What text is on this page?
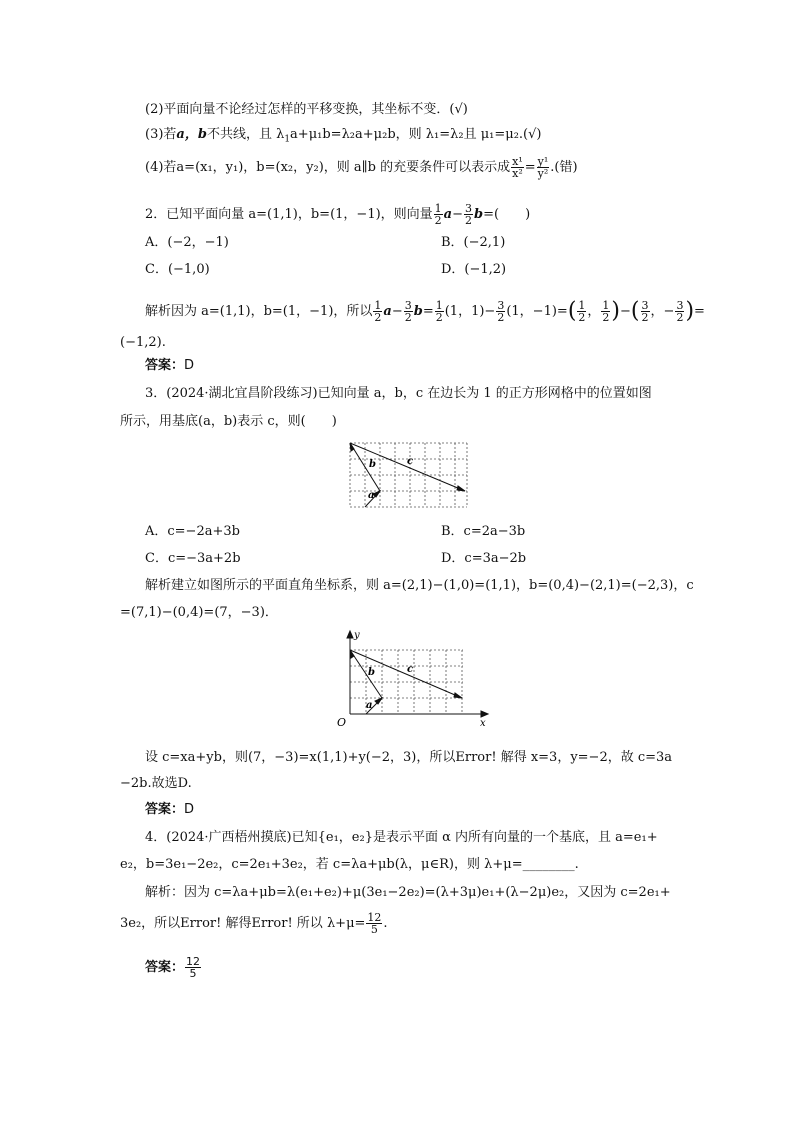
(2)平面向量不论经过怎样的平移变换，其坐标不变．(√)
(3)若a，b不共线，且 $\lambda_1a+\mu_1b=\lambda_2a+\mu_2b$，则 λ₁=λ₂且 μ₁=μ₂.(√)
(4)若a=(x₁，y₁)，b=(x₂，y₂)，则 a∥b 的充要条件可以表示成 $\frac{\text{x¹}}{\text{x²}} = \frac{\text{y¹}}{\text{y²}}$ .(错)
2．已知平面向量 a=(1,1)，b=(1，−1)，则向量 $\frac{1}{2} a- \frac{3}{2} b=$(　　)
A．(−2，−1)	B．(−2,1)
C．(−1,0)	D．(−1,2)
解析因为 a=(1,1)，b=(1，−1)，所以 $\frac{1}{2} a- \frac{3}{2} b= \frac{1}{2} (1$，$1)- \frac{3}{2} (1$，$-1)=( \frac{1}{2}$ ， $\frac{1}{2}$ )−( $\frac{3}{2}$ ，− $\frac{3}{2}$ )=
(−1,2).
答案：D
3．(2024·湖北宜昌阶段练习)已知向量 a，b，c 在边长为 1 的正方形网格中的位置如图
所示，用基底(a，b)表示 c，则(　　)
b	c
a
A．c=−2a+3b	B．c=2a−3b
C．c=−3a+2b	D．c=3a−2b
解析建立如图所示的平面直角坐标系，则 a=(2,1)−(1,0)=(1,1)，b=(0,4)−(2,1)=(−2,3)，c
=(7,1)−(0,4)=(7，−3)．
O	x
y
b	c
a
设 c=xa+yb，则(7，−3)=x(1,1)+y(−2，3)，所以Error! 解得 x=3，y=−2，故 c=3a
−2b.故选D.
答案：D
4．(2024·广西梧州摸底)已知{e₁，e₂}是表示平面 α 内所有向量的一个基底，且 a=e₁+
e₂，b=3e₁−2e₂，c=2e₁+3e₂，若 c=λa+μb(λ，μ∈R)，则 λ+μ=________.
解析：因为 c=λa+μb=λ(e₁+e₂)+μ(3e₁−2e₂)=(λ+3μ)e₁+(λ−2μ)e₂，又因为 c=2e₁+
3e₂，所以Error! 解得Error! 所以 $\lambda+\mu= \frac{12}{5}$ .
答案： $\frac{12}{5}$
